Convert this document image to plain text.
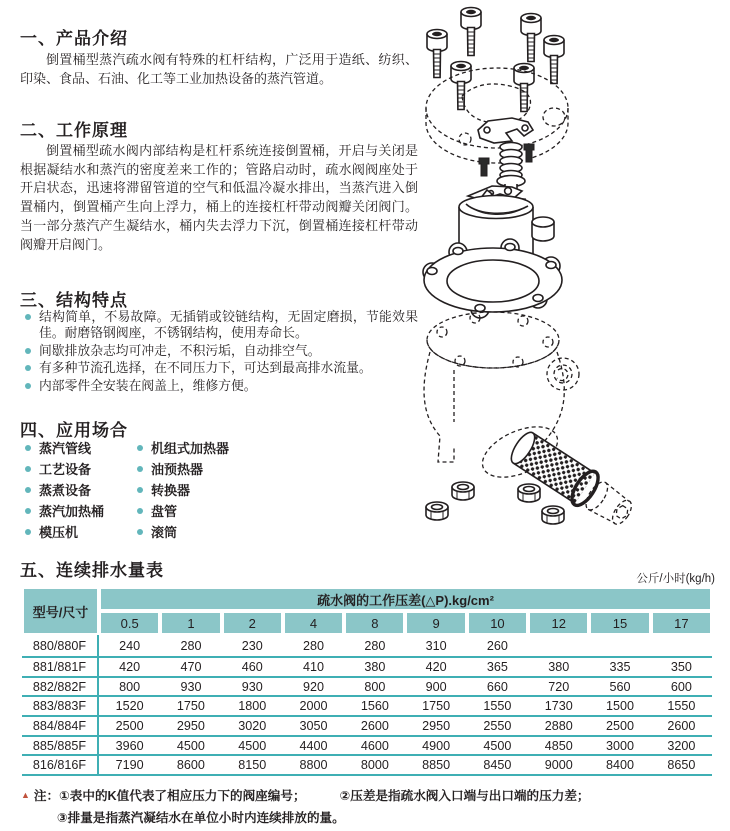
一、产品介绍

倒置桶型蒸汽疏水阀有特殊的杠杆结构，广泛用于造纸、纺织、印染、食品、石油、化工等工业加热设备的蒸汽管道。

二、工作原理

倒置桶型疏水阀内部结构是杠杆系统连接倒置桶，开启与关闭是根据凝结水和蒸汽的密度差来工作的；管路启动时，疏水阀阀座处于开启状态，迅速将滞留管道的空气和低温冷凝水排出，当蒸汽进入倒置桶内，倒置桶产生向上浮力，桶上的连接杠杆带动阀瓣关闭阀门。当一部分蒸汽产生凝结水，桶内失去浮力下沉，倒置桶连接杠杆带动阀瓣开启阀门。

三、结构特点
结构简单，不易故障。无插销或铰链结构，无固定磨损，节能效果佳。耐磨铬钢阀座，不锈钢结构，使用寿命长。
间歇排放杂志均可冲走，不积污垢，自动排空气。
有多种节流孔选择，在不同压力下，可达到最高排水流量。
内部零件全安装在阀盖上，维修方便。
四、应用场合
蒸汽管线
工艺设备
蒸煮设备
蒸汽加热桶
模压机
机组式加热器
油预热器
转换器
盘管
滚筒
五、连续排水量表	公斤/小时(kg/h)
型号/尺寸	疏水阀的工作压差(△P).kg/cm²									
	0.5	1	2	4	8	9	10	12	15	17
880/880F	240	280	230	280	280	310	260			
881/881F	420	470	460	410	380	420	365	380	335	350
882/882F	800	930	930	920	800	900	660	720	560	600
883/883F	1520	1750	1800	2000	1560	1750	1550	1730	1500	1550
884/884F	2500	2950	3020	3050	2600	2950	2550	2880	2500	2600
885/885F	3960	4500	4500	4400	4600	4900	4500	4850	3000	3200
816/816F	7190	8600	8150	8800	8000	8850	8450	9000	8400	8650
▲ 注：①表中的K值代表了相应压力下的阀座编号；	②压差是指疏水阀入口端与出口端的压力差；
③排量是指蒸汽凝结水在单位小时内连续排放的量。
